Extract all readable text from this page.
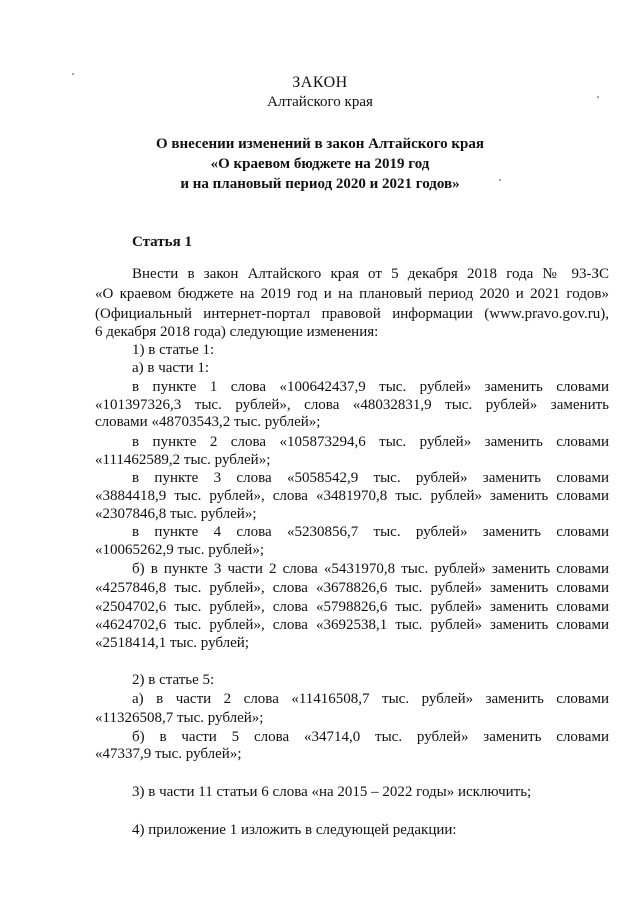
ЗАКОН
Алтайского края
О внесении изменений в закон Алтайского края
«О краевом бюджете на 2019 год
и на плановый период 2020 и 2021 годов»
Статья 1
Внести в закон Алтайского края от 5 декабря 2018 года № 93-ЗС
«О краевом бюджете на 2019 год и на плановый период 2020 и 2021 годов»
(Официальный интернет-портал правовой информации (www.pravo.gov.ru),
6 декабря 2018 года) следующие изменения:
1) в статье 1:
а) в части 1:
в пункте 1 слова «100642437,9 тыс. рублей» заменить словами
«101397326,3 тыс. рублей», слова «48032831,9 тыс. рублей» заменить
словами «48703543,2 тыс. рублей»;
в пункте 2 слова «105873294,6 тыс. рублей» заменить словами
«111462589,2 тыс. рублей»;
в пункте 3 слова «5058542,9 тыс. рублей» заменить словами
«3884418,9 тыс. рублей», слова «3481970,8 тыс. рублей» заменить словами
«2307846,8 тыс. рублей»;
в пункте 4 слова «5230856,7 тыс. рублей» заменить словами
«10065262,9 тыс. рублей»;
б) в пункте 3 части 2 слова «5431970,8 тыс. рублей» заменить словами
«4257846,8 тыс. рублей», слова «3678826,6 тыс. рублей» заменить словами
«2504702,6 тыс. рублей», слова «5798826,6 тыс. рублей» заменить словами
«4624702,6 тыс. рублей», слова «3692538,1 тыс. рублей» заменить словами
«2518414,1 тыс. рублей;
2) в статье 5:
а) в части 2 слова «11416508,7 тыс. рублей» заменить словами
«11326508,7 тыс. рублей»;
б) в части 5 слова «34714,0 тыс. рублей» заменить словами
«47337,9 тыс. рублей»;
3) в части 11 статьи 6 слова «на 2015 – 2022 годы» исключить;
4) приложение 1 изложить в следующей редакции:
